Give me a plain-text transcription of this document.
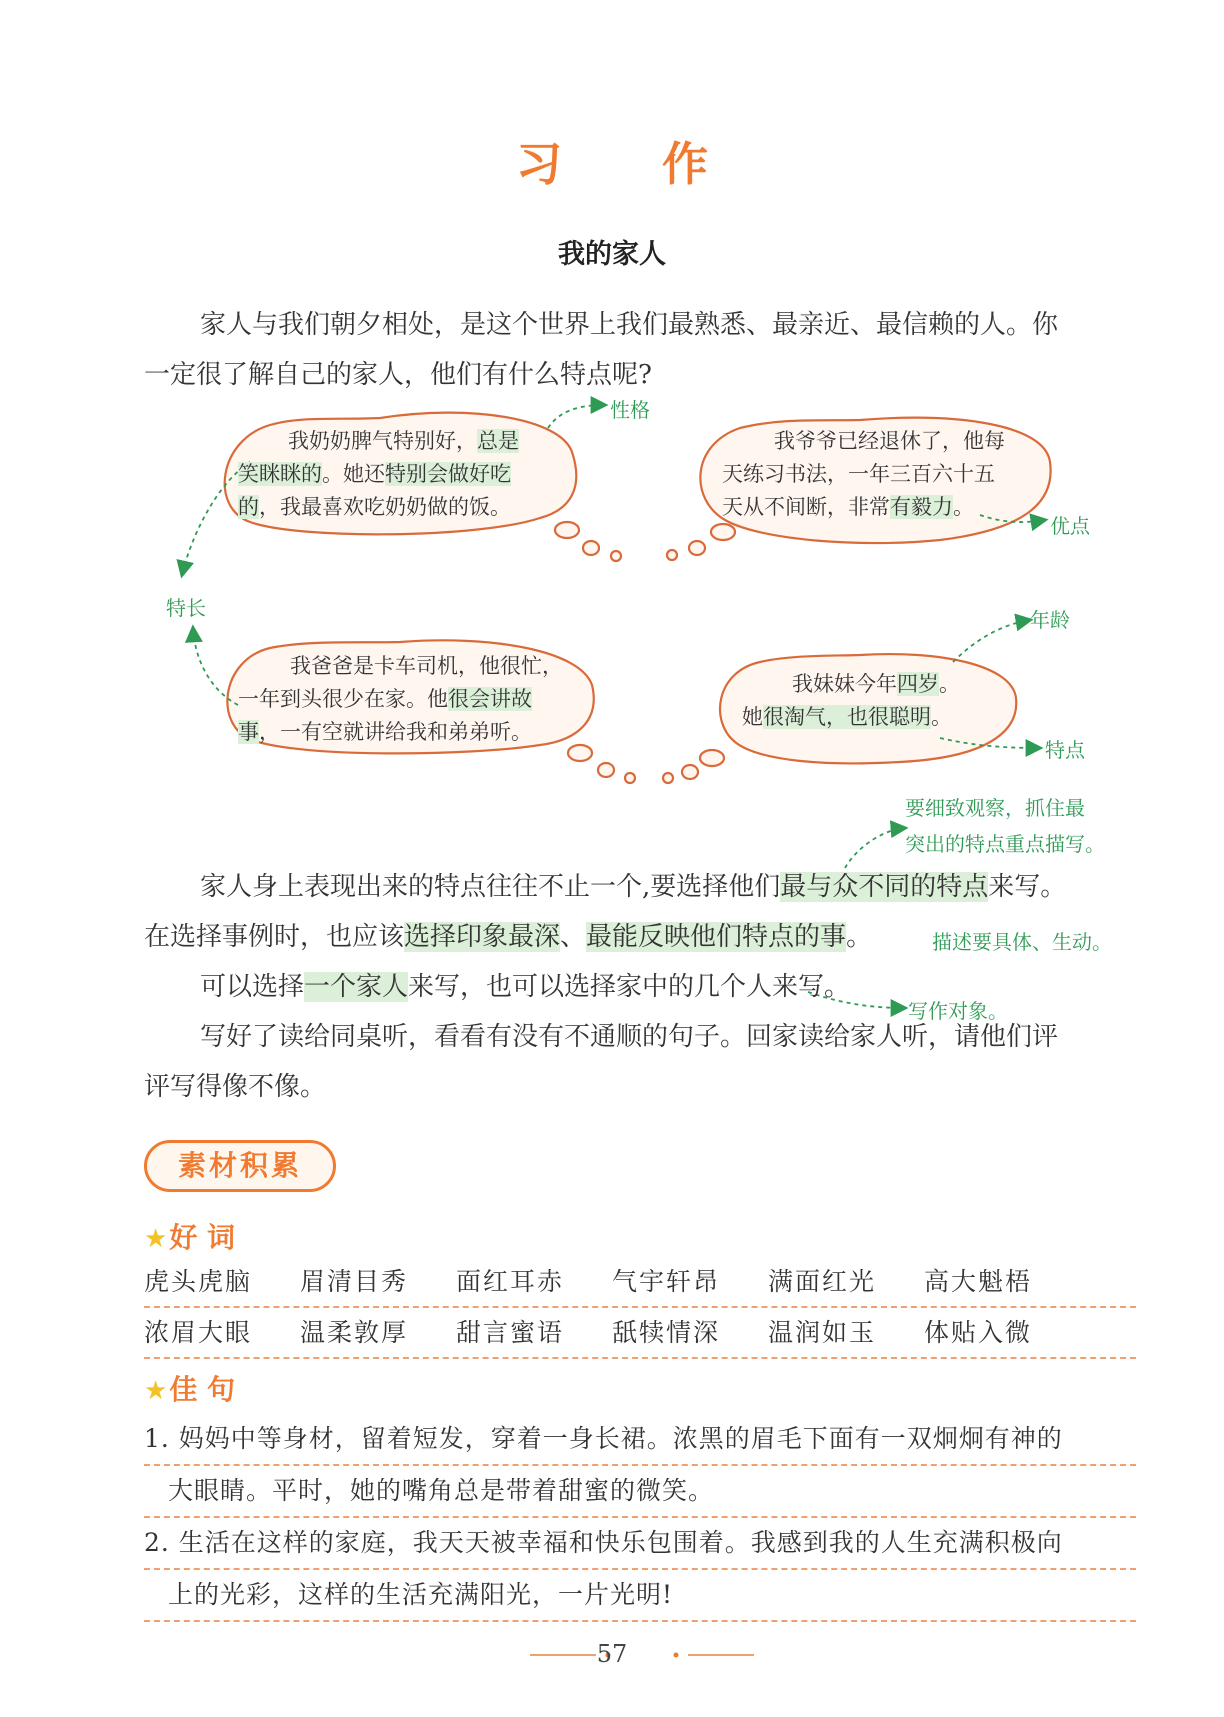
习 作
我的家人
家人与我们朝夕相处，是这个世界上我们最熟悉、最亲近、最信赖的人。你
一定很了解自己的家人，他们有什么特点呢?
我奶奶脾气特别好，总是
笑眯眯的。她还特别会做好吃
的，我最喜欢吃奶奶做的饭。
我爷爷已经退休了，他每
天练习书法，一年三百六十五
天从不间断，非常有毅力。
我爸爸是卡车司机，他很忙，
一年到头很少在家。他很会讲故
事，一有空就讲给我和弟弟听。
我妹妹今年四岁。
她很淘气，也很聪明。
性格
优点
特长	年龄
特点
要细致观察，抓住最
突出的特点重点描写。
描述要具体、生动。
写作对象。
家人身上表现出来的特点往往不止一个,要选择他们最与众不同的特点来写。
在选择事例时，也应该选择印象最深、最能反映他们特点的事。
可以选择一个家人来写，也可以选择家中的几个人来写。
写好了读给同桌听，看看有没有不通顺的句子。回家读给家人听，请他们评
评写得像不像。
素材积累
★好 词
虎头虎脑 眉清目秀 面红耳赤 气宇轩昂 满面红光 高大魁梧
浓眉大眼 温柔敦厚 甜言蜜语 舐犊情深 温润如玉 体贴入微
★佳 句
1. 妈妈中等身材，留着短发，穿着一身长裙。浓黑的眉毛下面有一双炯炯有神的
大眼睛。平时，她的嘴角总是带着甜蜜的微笑。
2. 生活在这样的家庭，我天天被幸福和快乐包围着。我感到我的人生充满积极向
上的光彩，这样的生活充满阳光，一片光明!
57
